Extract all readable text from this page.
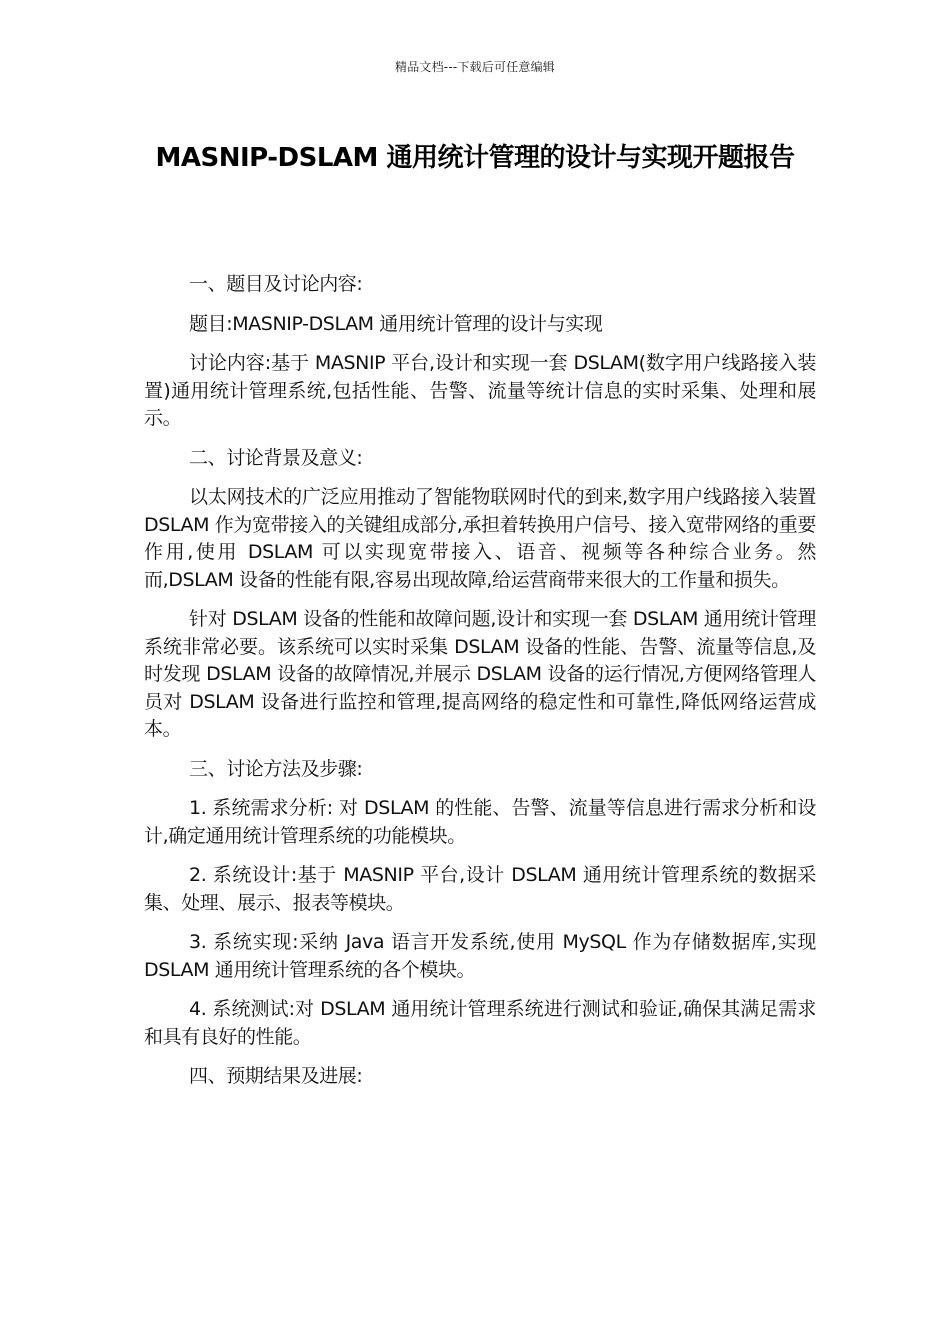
精品文档---下载后可任意编辑
MASNIP-DSLAM 通用统计管理的设计与实现开题报告

一、题目及讨论内容:

题目:MASNIP-DSLAM 通用统计管理的设计与实现

讨论内容:基于 MASNIP 平台,设计和实现一套 DSLAM(数字用户线路接入装置)通用统计管理系统,包括性能、告警、流量等统计信息的实时采集、处理和展示。

二、讨论背景及意义:

以太网技术的广泛应用推动了智能物联网时代的到来,数字用户线路接入装置 DSLAM 作为宽带接入的关键组成部分,承担着转换用户信号、接入宽带网络的重要作用,使用 DSLAM 可以实现宽带接入、语音、视频等各种综合业务。然而,DSLAM 设备的性能有限,容易出现故障,给运营商带来很大的工作量和损失。

针对 DSLAM 设备的性能和故障问题,设计和实现一套 DSLAM 通用统计管理系统非常必要。该系统可以实时采集 DSLAM 设备的性能、告警、流量等信息,及时发现 DSLAM 设备的故障情况,并展示 DSLAM 设备的运行情况,方便网络管理人员对 DSLAM 设备进行监控和管理,提高网络的稳定性和可靠性,降低网络运营成本。

三、讨论方法及步骤:

1. 系统需求分析: 对 DSLAM 的性能、告警、流量等信息进行需求分析和设计,确定通用统计管理系统的功能模块。

2. 系统设计:基于 MASNIP 平台,设计 DSLAM 通用统计管理系统的数据采集、处理、展示、报表等模块。

3. 系统实现:采纳 Java 语言开发系统,使用 MySQL 作为存储数据库,实现 DSLAM 通用统计管理系统的各个模块。

4. 系统测试:对 DSLAM 通用统计管理系统进行测试和验证,确保其满足需求和具有良好的性能。

四、预期结果及进展:
